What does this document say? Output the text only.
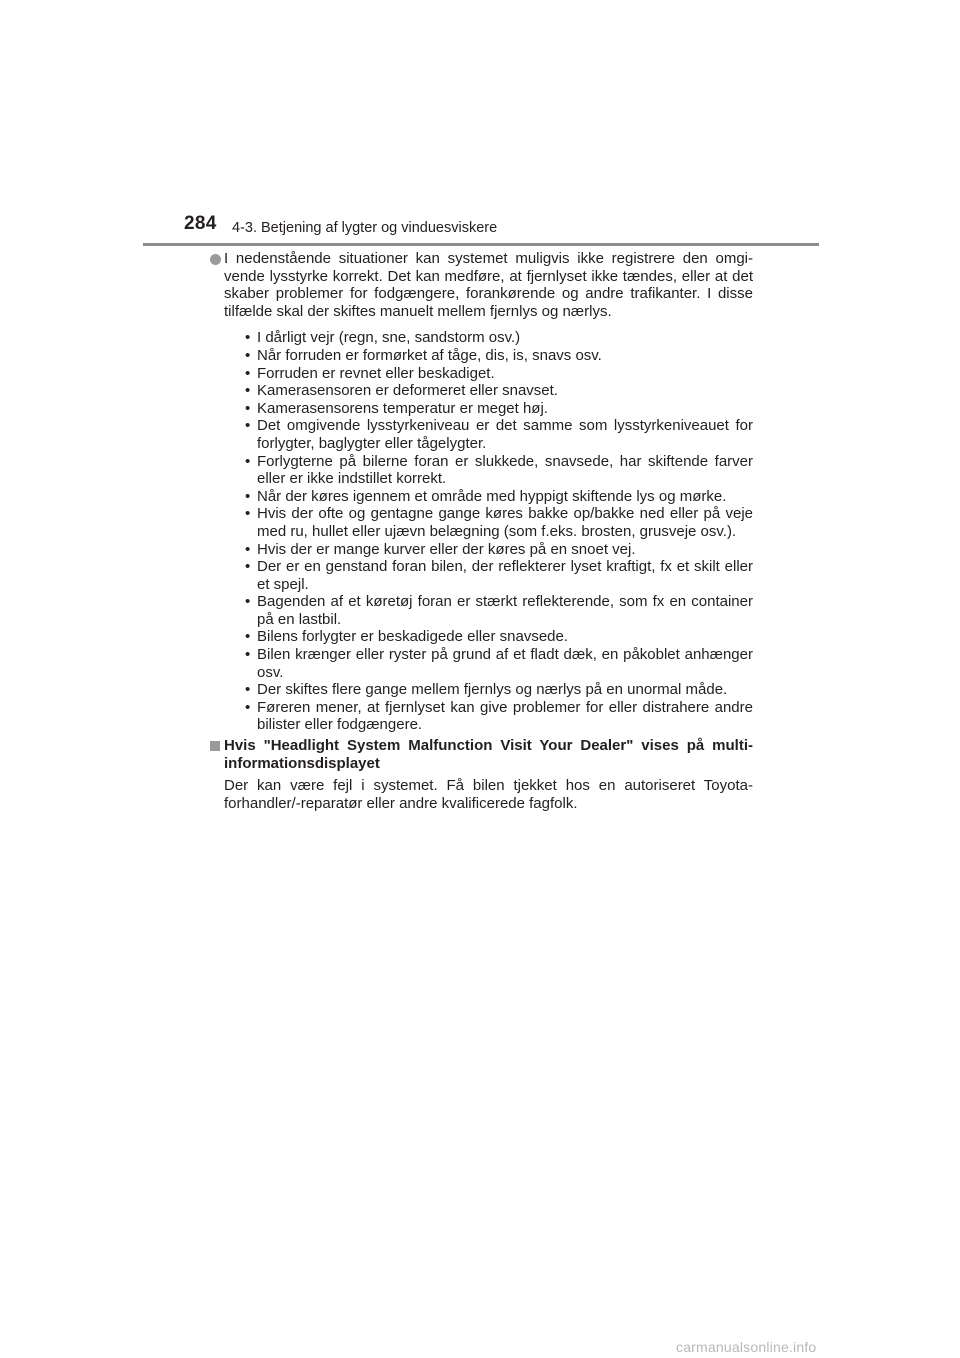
284 4-3. Betjening af lygter og vinduesviskere
I nedenstående situationer kan systemet muligvis ikke registrere den omgi-vende lysstyrke korrekt. Det kan medføre, at fjernlyset ikke tændes, eller at det skaber problemer for fodgængere, forankørende og andre trafikanter. I disse tilfælde skal der skiftes manuelt mellem fjernlys og nærlys.
• I dårligt vejr (regn, sne, sandstorm osv.)
• Når forruden er formørket af tåge, dis, is, snavs osv.
• Forruden er revnet eller beskadiget.
• Kamerasensoren er deformeret eller snavset.
• Kamerasensorens temperatur er meget høj.
• Det omgivende lysstyrkeniveau er det samme som lysstyrkeniveauet for forlygter, baglygter eller tågelygter.
• Forlygterne på bilerne foran er slukkede, snavsede, har skiftende farver eller er ikke indstillet korrekt.
• Når der køres igennem et område med hyppigt skiftende lys og mørke.
• Hvis der ofte og gentagne gange køres bakke op/bakke ned eller på veje med ru, hullet eller ujævn belægning (som f.eks. brosten, grusveje osv.).
• Hvis der er mange kurver eller der køres på en snoet vej.
• Der er en genstand foran bilen, der reflekterer lyset kraftigt, fx et skilt eller et spejl.
• Bagenden af et køretøj foran er stærkt reflekterende, som fx en container på en lastbil.
• Bilens forlygter er beskadigede eller snavsede.
• Bilen krænger eller ryster på grund af et fladt dæk, en påkoblet anhænger osv.
• Der skiftes flere gange mellem fjernlys og nærlys på en unormal måde.
• Føreren mener, at fjernlyset kan give problemer for eller distrahere andre bilister eller fodgængere.
Hvis "Headlight System Malfunction Visit Your Dealer" vises på multi-informationsdisplayet
Der kan være fejl i systemet. Få bilen tjekket hos en autoriseret Toyota-forhandler/-reparatør eller andre kvalificerede fagfolk.
carmanualsonline.info
